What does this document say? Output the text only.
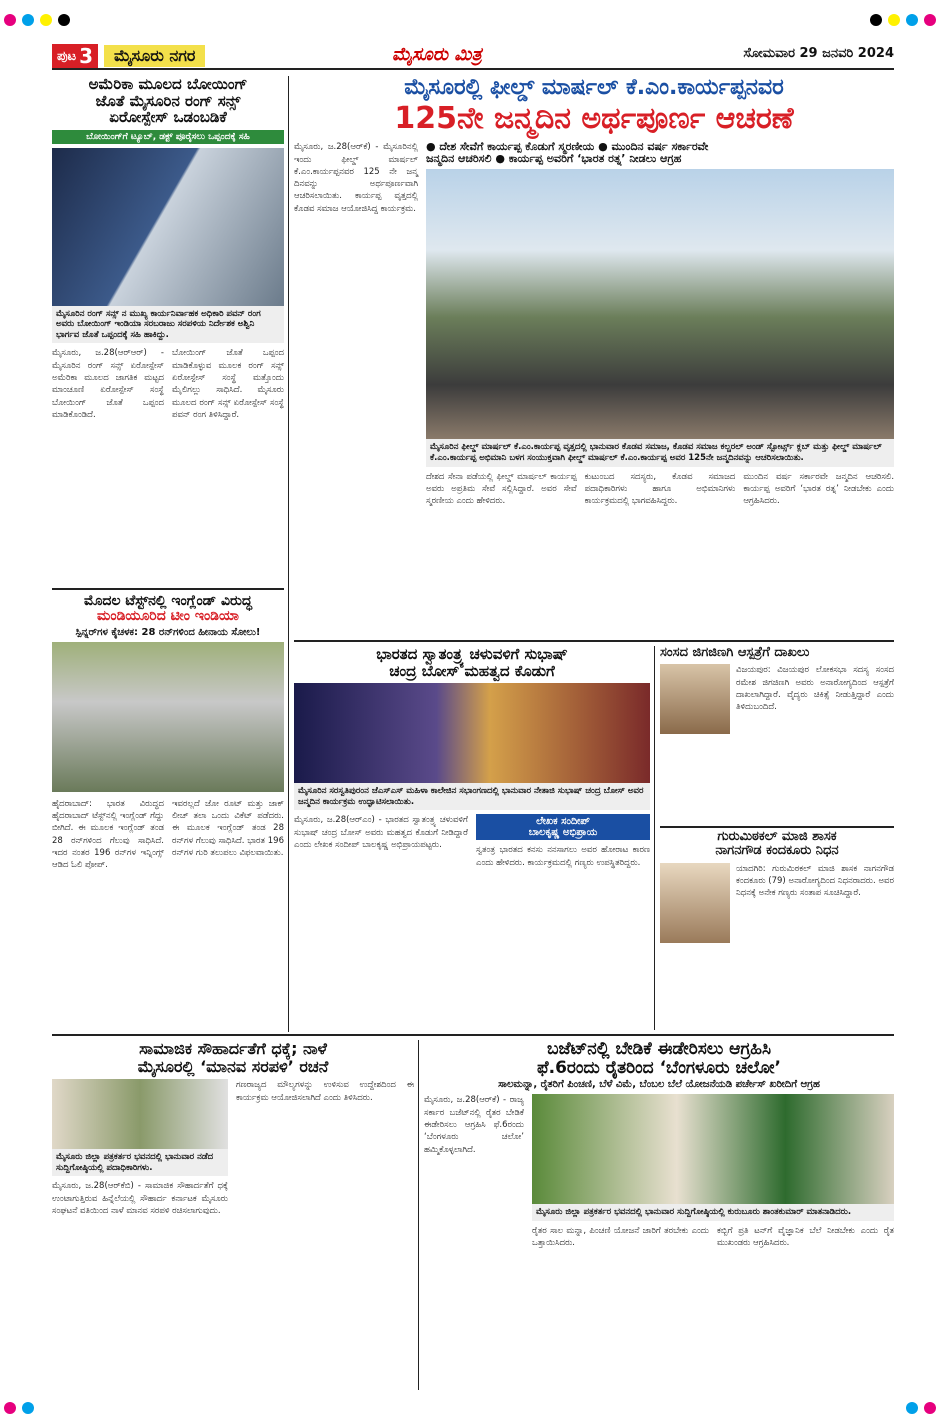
ಪುಟ 3	ಮೈಸೂರು ನಗರ	ಮೈಸೂರು ಮಿತ್ರ	ಸೋಮವಾರ 29 ಜನವರಿ 2024
ಅಮೆರಿಕಾ ಮೂಲದ ಬೋಯಿಂಗ್
ಜೊತೆ ಮೈಸೂರಿನ ರಂಗ್ ಸನ್ಸ್
ಏರೋಸ್ಪೇಸ್ ಒಡಂಬಡಿಕೆ
ಬೋಯಿಂಗ್‌ಗೆ ಟ್ಯೂಬ್, ಡಕ್ಟ್ ಪೂರೈಸಲು ಒಪ್ಪಂದಕ್ಕೆ ಸಹಿ
ಮೈಸೂರಿನ ರಂಗ್ ಸನ್ಸ್ ನ ಮುಖ್ಯ ಕಾರ್ಯನಿರ್ವಾಹಕ ಅಧಿಕಾರಿ ಪವನ್ ರಂಗ ಅವರು ಬೋಯಿಂಗ್ ಇಂಡಿಯಾ ಸರಬರಾಜು ಸರಪಳಿಯ ನಿರ್ದೇಶಕ ಅಶ್ವಿನಿ ಭಾರ್ಗವ ಜೊತೆ ಒಪ್ಪಂದಕ್ಕೆ ಸಹಿ ಹಾಕಿದ್ದು.
ಮೈಸೂರು, ಜ.28(ಆರ್‌ಆರ್) - ಮೈಸೂರಿನ ರಂಗ್ ಸನ್ಸ್ ಏರೋಸ್ಪೇಸ್ ಅಮೆರಿಕಾ ಮೂಲದ ಜಾಗತಿಕ ಮಟ್ಟದ ಮಾಂಚೂಣಿ ಏರೋಸ್ಪೇಸ್ ಸಂಸ್ಥೆ ಬೋಯಿಂಗ್ ಜೊತೆ ಒಪ್ಪಂದ ಮಾಡಿಕೊಂಡಿದೆ.
ಬೋಯಿಂಗ್ ಜೊತೆ ಒಪ್ಪಂದ ಮಾಡಿಕೊಳ್ಳುವ ಮೂಲಕ ರಂಗ್ ಸನ್ಸ್ ಏರೋಸ್ಪೇಸ್ ಸಂಸ್ಥೆ ಮತ್ತೊಂದು ಮೈಲಿಗಲ್ಲು ಸಾಧಿಸಿದೆ. ಮೈಸೂರು ಮೂಲದ ರಂಗ್ ಸನ್ಸ್ ಏರೋಸ್ಪೇಸ್ ಸಂಸ್ಥೆ ಪವನ್ ರಂಗ ತಿಳಿಸಿದ್ದಾರೆ.
ಮೊದಲ ಟೆಸ್ಟ್‌ನಲ್ಲಿ ಇಂಗ್ಲೆಂಡ್ ವಿರುದ್ಧ
ಮಂಡಿಯೂರಿದ ಟೀಂ ಇಂಡಿಯಾ
ಸ್ಪಿನ್ನರ್‌ಗಳ ಕೈಚಳಕ: 28 ರನ್‌ಗಳಿಂದ ಹೀನಾಯ ಸೋಲು!
ಹೈದರಾಬಾದ್: ಭಾರತ ವಿರುದ್ಧದ ಹೈದರಾಬಾದ್ ಟೆಸ್ಟ್‌ನಲ್ಲಿ ಇಂಗ್ಲೆಂಡ್ ಗೆದ್ದು ಬೀಗಿದೆ. ಈ ಮೂಲಕ ಇಂಗ್ಲೆಂಡ್ ತಂಡ 28 ರನ್‌ಗಳಿಂದ ಗೆಲುವು ಸಾಧಿಸಿದೆ. ಇದರ ನಂತರ 196 ರನ್‌ಗಳ ಇನ್ನಿಂಗ್ಸ್ ಆಡಿದ ಓಲಿ ಪೋಪ್.
ಇವರಲ್ಲದೆ ಜೋ ರೂಟ್ ಮತ್ತು ಜಾಕ್ ಲೀಚ್ ತಲಾ ಒಂದು ವಿಕೆಟ್ ಪಡೆದರು. ಈ ಮೂಲಕ ಇಂಗ್ಲೆಂಡ್ ತಂಡ 28 ರನ್‌ಗಳ ಗೆಲುವು ಸಾಧಿಸಿದೆ. ಭಾರತ 196 ರನ್‌ಗಳ ಗುರಿ ತಲುಪಲು ವಿಫಲವಾಯಿತು.
ಮೈಸೂರಲ್ಲಿ ಫೀಲ್ಡ್ ಮಾರ್ಷಲ್ ಕೆ.ಎಂ.ಕಾರ್ಯಪ್ಪನವರ
125ನೇ ಜನ್ಮದಿನ ಅರ್ಥಪೂರ್ಣ ಆಚರಣೆ
ಮೈಸೂರು, ಜ.28(ಆರ್‌ಕೆ) - ಮೈಸೂರಿನಲ್ಲಿ ಇಂದು ಫೀಲ್ಡ್ ಮಾರ್ಷಲ್ ಕೆ.ಎಂ.ಕಾರ್ಯಪ್ಪನವರ 125 ನೇ ಜನ್ಮ ದಿನವನ್ನು ಅರ್ಥಪೂರ್ಣವಾಗಿ ಆಚರಿಸಲಾಯಿತು. ಕಾರ್ಯಪ್ಪ ವೃತ್ತದಲ್ಲಿ ಕೊಡವ ಸಮಾಜ ಆಯೋಜಿಸಿದ್ದ ಕಾರ್ಯಕ್ರಮ.
● ದೇಶ ಸೇವೆಗೆ ಕಾರ್ಯಪ್ಪ ಕೊಡುಗೆ ಸ್ಮರಣೀಯ ● ಮುಂದಿನ ವರ್ಷ ಸರ್ಕಾರವೇ
ಜನ್ಮದಿನ ಆಚರಿಸಲಿ ● ಕಾರ್ಯಪ್ಪ ಅವರಿಗೆ ‘ಭಾರತ ರತ್ನ’ ನೀಡಲು ಆಗ್ರಹ
ಮೈಸೂರಿನ ಫೀಲ್ಡ್ ಮಾರ್ಷಲ್ ಕೆ.ಎಂ.ಕಾರ್ಯಪ್ಪ ವೃತ್ತದಲ್ಲಿ ಭಾನುವಾರ ಕೊಡವ ಸಮಾಜ, ಕೊಡವ ಸಮಾಜ ಕಲ್ಚರಲ್ ಅಂಡ್ ಸ್ಪೋರ್ಟ್ಸ್ ಕ್ಲಬ್ ಮತ್ತು ಫೀಲ್ಡ್ ಮಾರ್ಷಲ್ ಕೆ.ಎಂ.ಕಾರ್ಯಪ್ಪ ಅಭಿಮಾನಿ ಬಳಗ ಸಂಯುಕ್ತವಾಗಿ ಫೀಲ್ಡ್ ಮಾರ್ಷಲ್ ಕೆ.ಎಂ.ಕಾರ್ಯಪ್ಪ ಅವರ 125ನೇ ಜನ್ಮದಿನವನ್ನು ಆಚರಿಸಲಾಯಿತು.
ದೇಶದ ಸೇನಾ ಪಡೆಯಲ್ಲಿ ಫೀಲ್ಡ್ ಮಾರ್ಷಲ್ ಕಾರ್ಯಪ್ಪ ಅವರು ಅಪ್ರತಿಮ ಸೇವೆ ಸಲ್ಲಿಸಿದ್ದಾರೆ. ಅವರ ಸೇವೆ ಸ್ಮರಣೀಯ ಎಂದು ಹೇಳಿದರು.
ಕುಟುಂಬದ ಸದಸ್ಯರು, ಕೊಡವ ಸಮಾಜದ ಪದಾಧಿಕಾರಿಗಳು ಹಾಗೂ ಅಭಿಮಾನಿಗಳು ಕಾರ್ಯಕ್ರಮದಲ್ಲಿ ಭಾಗವಹಿಸಿದ್ದರು.
ಮುಂದಿನ ವರ್ಷ ಸರ್ಕಾರವೇ ಜನ್ಮದಿನ ಆಚರಿಸಲಿ. ಕಾರ್ಯಪ್ಪ ಅವರಿಗೆ ‘ಭಾರತ ರತ್ನ’ ನೀಡಬೇಕು ಎಂದು ಆಗ್ರಹಿಸಿದರು.
ಭಾರತದ ಸ್ವಾತಂತ್ರ್ಯ ಚಳುವಳಿಗೆ ಸುಭಾಷ್
ಚಂದ್ರ ಬೋಸ್ ಮಹತ್ವದ ಕೊಡುಗೆ
ಮೈಸೂರಿನ ಸರಸ್ವತಿಪುರಂನ ಜೆಎಸ್‌ಎಸ್ ಮಹಿಳಾ ಕಾಲೇಜಿನ ಸಭಾಂಗಣದಲ್ಲಿ ಭಾನುವಾರ ನೇತಾಜಿ ಸುಭಾಷ್ ಚಂದ್ರ ಬೋಸ್ ಅವರ ಜನ್ಮದಿನ ಕಾರ್ಯಕ್ರಮ ಉದ್ಘಾಟಿಸಲಾಯಿತು.
ಮೈಸೂರು, ಜ.28(ಆರ್‌ಎಂ) - ಭಾರತದ ಸ್ವಾತಂತ್ರ್ಯ ಚಳುವಳಿಗೆ ಸುಭಾಷ್ ಚಂದ್ರ ಬೋಸ್ ಅವರು ಮಹತ್ವದ ಕೊಡುಗೆ ನೀಡಿದ್ದಾರೆ ಎಂದು ಲೇಖಕ ಸಂದೀಪ್ ಬಾಲಕೃಷ್ಣ ಅಭಿಪ್ರಾಯಪಟ್ಟರು.
ಲೇಖಕ ಸಂದೀಪ್
ಬಾಲಕೃಷ್ಣ ಅಭಿಪ್ರಾಯ
ಸ್ವತಂತ್ರ ಭಾರತದ ಕನಸು ನನಸಾಗಲು ಅವರ ಹೋರಾಟ ಕಾರಣ ಎಂದು ಹೇಳಿದರು. ಕಾರ್ಯಕ್ರಮದಲ್ಲಿ ಗಣ್ಯರು ಉಪಸ್ಥಿತರಿದ್ದರು.
ಸಂಸದ ಜಿಗಜಿಣಗಿ ಆಸ್ಪತ್ರೆಗೆ ದಾಖಲು
ವಿಜಯಪುರ: ವಿಜಯಪುರ ಲೋಕಸಭಾ ಸದಸ್ಯ ಸಂಸದ ರಮೇಶ ಜಿಗಜಿಣಗಿ ಅವರು ಅನಾರೋಗ್ಯದಿಂದ ಆಸ್ಪತ್ರೆಗೆ ದಾಖಲಾಗಿದ್ದಾರೆ. ವೈದ್ಯರು ಚಿಕಿತ್ಸೆ ನೀಡುತ್ತಿದ್ದಾರೆ ಎಂದು ತಿಳಿದುಬಂದಿದೆ.
ಗುರುಮಿಠಕಲ್ ಮಾಜಿ ಶಾಸಕ
ನಾಗನಗೌಡ ಕಂದಕೂರು ನಿಧನ
ಯಾದಗಿರಿ: ಗುರುಮಿಠಕಲ್ ಮಾಜಿ ಶಾಸಕ ನಾಗನಗೌಡ ಕಂದಕೂರು (79) ಅನಾರೋಗ್ಯದಿಂದ ನಿಧನರಾದರು. ಅವರ ನಿಧನಕ್ಕೆ ಅನೇಕ ಗಣ್ಯರು ಸಂತಾಪ ಸೂಚಿಸಿದ್ದಾರೆ.
ಸಾಮಾಜಿಕ ಸೌಹಾರ್ದತೆಗೆ ಧಕ್ಕೆ; ನಾಳೆ
ಮೈಸೂರಲ್ಲಿ ‘ಮಾನವ ಸರಪಳಿ’ ರಚನೆ
ಮೈಸೂರು ಜಿಲ್ಲಾ ಪತ್ರಕರ್ತರ ಭವನದಲ್ಲಿ ಭಾನುವಾರ ನಡೆದ ಸುದ್ದಿಗೋಷ್ಠಿಯಲ್ಲಿ ಪದಾಧಿಕಾರಿಗಳು.
ಮೈಸೂರು, ಜ.28(ಆರ್‌ಕೆಬಿ) - ಸಾಮಾಜಿಕ ಸೌಹಾರ್ದತೆಗೆ ಧಕ್ಕೆ ಉಂಟಾಗುತ್ತಿರುವ ಹಿನ್ನೆಲೆಯಲ್ಲಿ ಸೌಹಾರ್ದ ಕರ್ನಾಟಕ ಮೈಸೂರು ಸಂಘಟನೆ ವತಿಯಿಂದ ನಾಳೆ ಮಾನವ ಸರಪಳಿ ರಚಿಸಲಾಗುವುದು.
ಗಣರಾಜ್ಯದ ಮೌಲ್ಯಗಳನ್ನು ಉಳಿಸುವ ಉದ್ದೇಶದಿಂದ ಈ ಕಾರ್ಯಕ್ರಮ ಆಯೋಜಿಸಲಾಗಿದೆ ಎಂದು ತಿಳಿಸಿದರು.
ಬಜೆಟ್‌ನಲ್ಲಿ ಬೇಡಿಕೆ ಈಡೇರಿಸಲು ಆಗ್ರಹಿಸಿ
ಫೆ.6ರಂದು ರೈತರಿಂದ ‘ಬೆಂಗಳೂರು ಚಲೋ’
ಸಾಲಮನ್ನಾ, ರೈತರಿಗೆ ಪಿಂಚಣಿ, ಬೆಳೆ ವಿಮೆ, ಬೆಂಬಲ ಬೆಲೆ ಯೋಜನೆಯಡಿ ಪರ್ಚೇಸ್ ಖರೀದಿಗೆ ಆಗ್ರಹ
ಮೈಸೂರು, ಜ.28(ಆರ್‌ಕೆ) - ರಾಜ್ಯ ಸರ್ಕಾರ ಬಜೆಟ್‌ನಲ್ಲಿ ರೈತರ ಬೇಡಿಕೆ ಈಡೇರಿಸಲು ಆಗ್ರಹಿಸಿ ಫೆ.6ರಂದು ‘ಬೆಂಗಳೂರು ಚಲೋ’ ಹಮ್ಮಿಕೊಳ್ಳಲಾಗಿದೆ.
ಮೈಸೂರು ಜಿಲ್ಲಾ ಪತ್ರಕರ್ತರ ಭವನದಲ್ಲಿ ಭಾನುವಾರ ಸುದ್ದಿಗೋಷ್ಠಿಯಲ್ಲಿ ಕುರುಬೂರು ಶಾಂತಕುಮಾರ್ ಮಾತನಾಡಿದರು.
ರೈತರ ಸಾಲ ಮನ್ನಾ, ಪಿಂಚಣಿ ಯೋಜನೆ ಜಾರಿಗೆ ತರಬೇಕು ಎಂದು ಒತ್ತಾಯಿಸಿದರು.
ಕಬ್ಬಿಗೆ ಪ್ರತಿ ಟನ್‌ಗೆ ವೈಜ್ಞಾನಿಕ ಬೆಲೆ ನೀಡಬೇಕು ಎಂದು ರೈತ ಮುಖಂಡರು ಆಗ್ರಹಿಸಿದರು.
